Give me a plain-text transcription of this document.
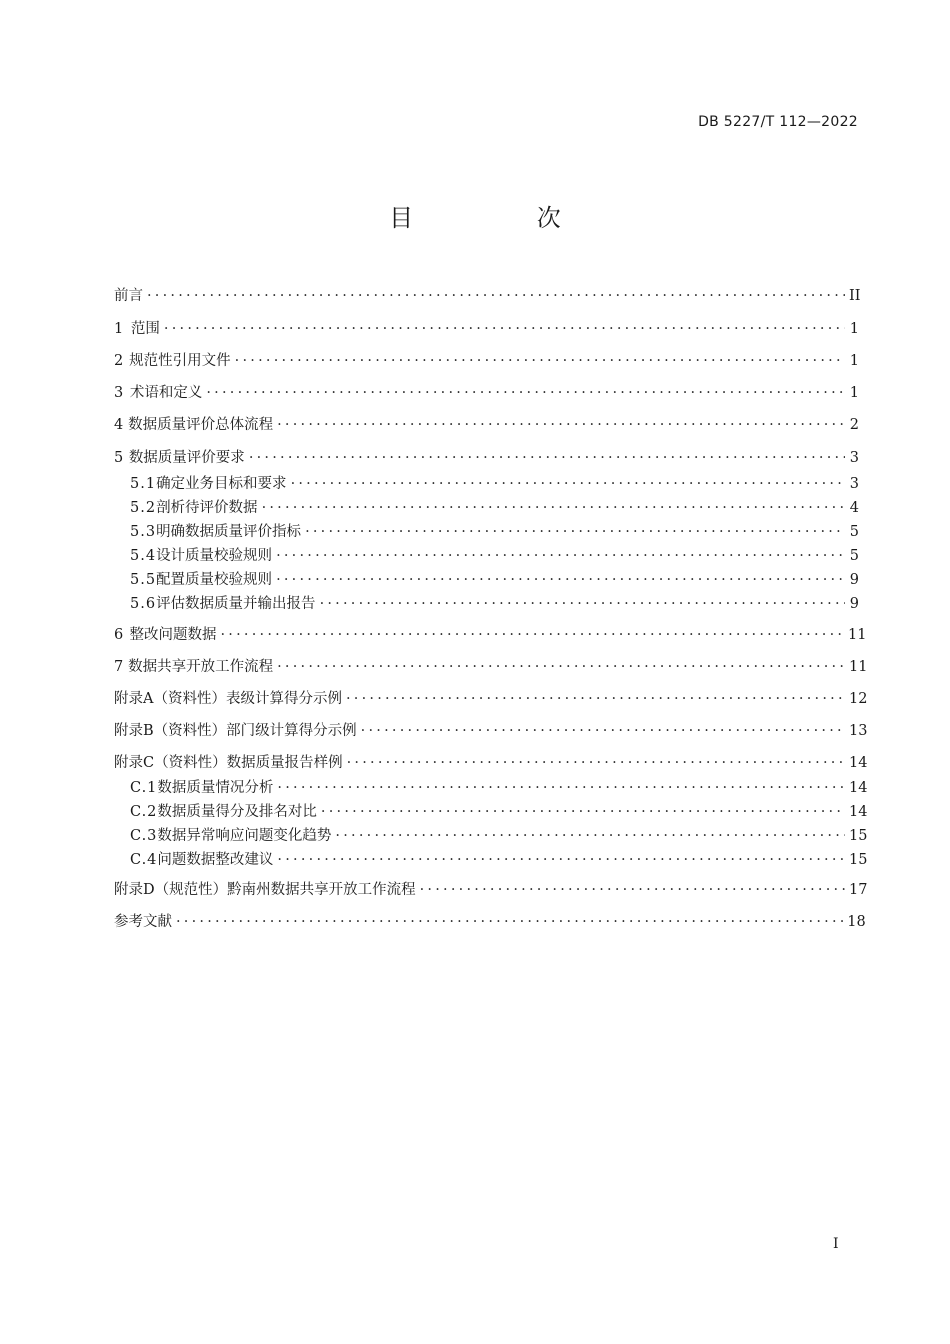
DB 5227/T 112—2022
目 次
前言 ·····	II
1 范围 ·····	1
2 规范性引用文件 ·····	1
3 术语和定义 ·····	1
4 数据质量评价总体流程 ·····	2
5 数据质量评价要求 ·····	3
5.1 确定业务目标和要求 ·····	3
5.2 剖析待评价数据 ·····	4
5.3 明确数据质量评价指标 ·····	5
5.4 设计质量校验规则 ·····	5
5.5 配置质量校验规则 ·····	9
5.6 评估数据质量并输出报告 ·····	9
6 整改问题数据 ·····	11
7 数据共享开放工作流程 ·····	11
附录A（资料性） 表级计算得分示例 ·····	12
附录B（资料性） 部门级计算得分示例 ·····	13
附录C（资料性） 数据质量报告样例 ·····	14
C.1 数据质量情况分析 ·····	14
C.2 数据质量得分及排名对比 ·····	14
C.3 数据异常响应问题变化趋势 ·····	15
C.4 问题数据整改建议 ·····	15
附录D（规范性） 黔南州数据共享开放工作流程 ·····	17
参考文献 ·····	18
I
